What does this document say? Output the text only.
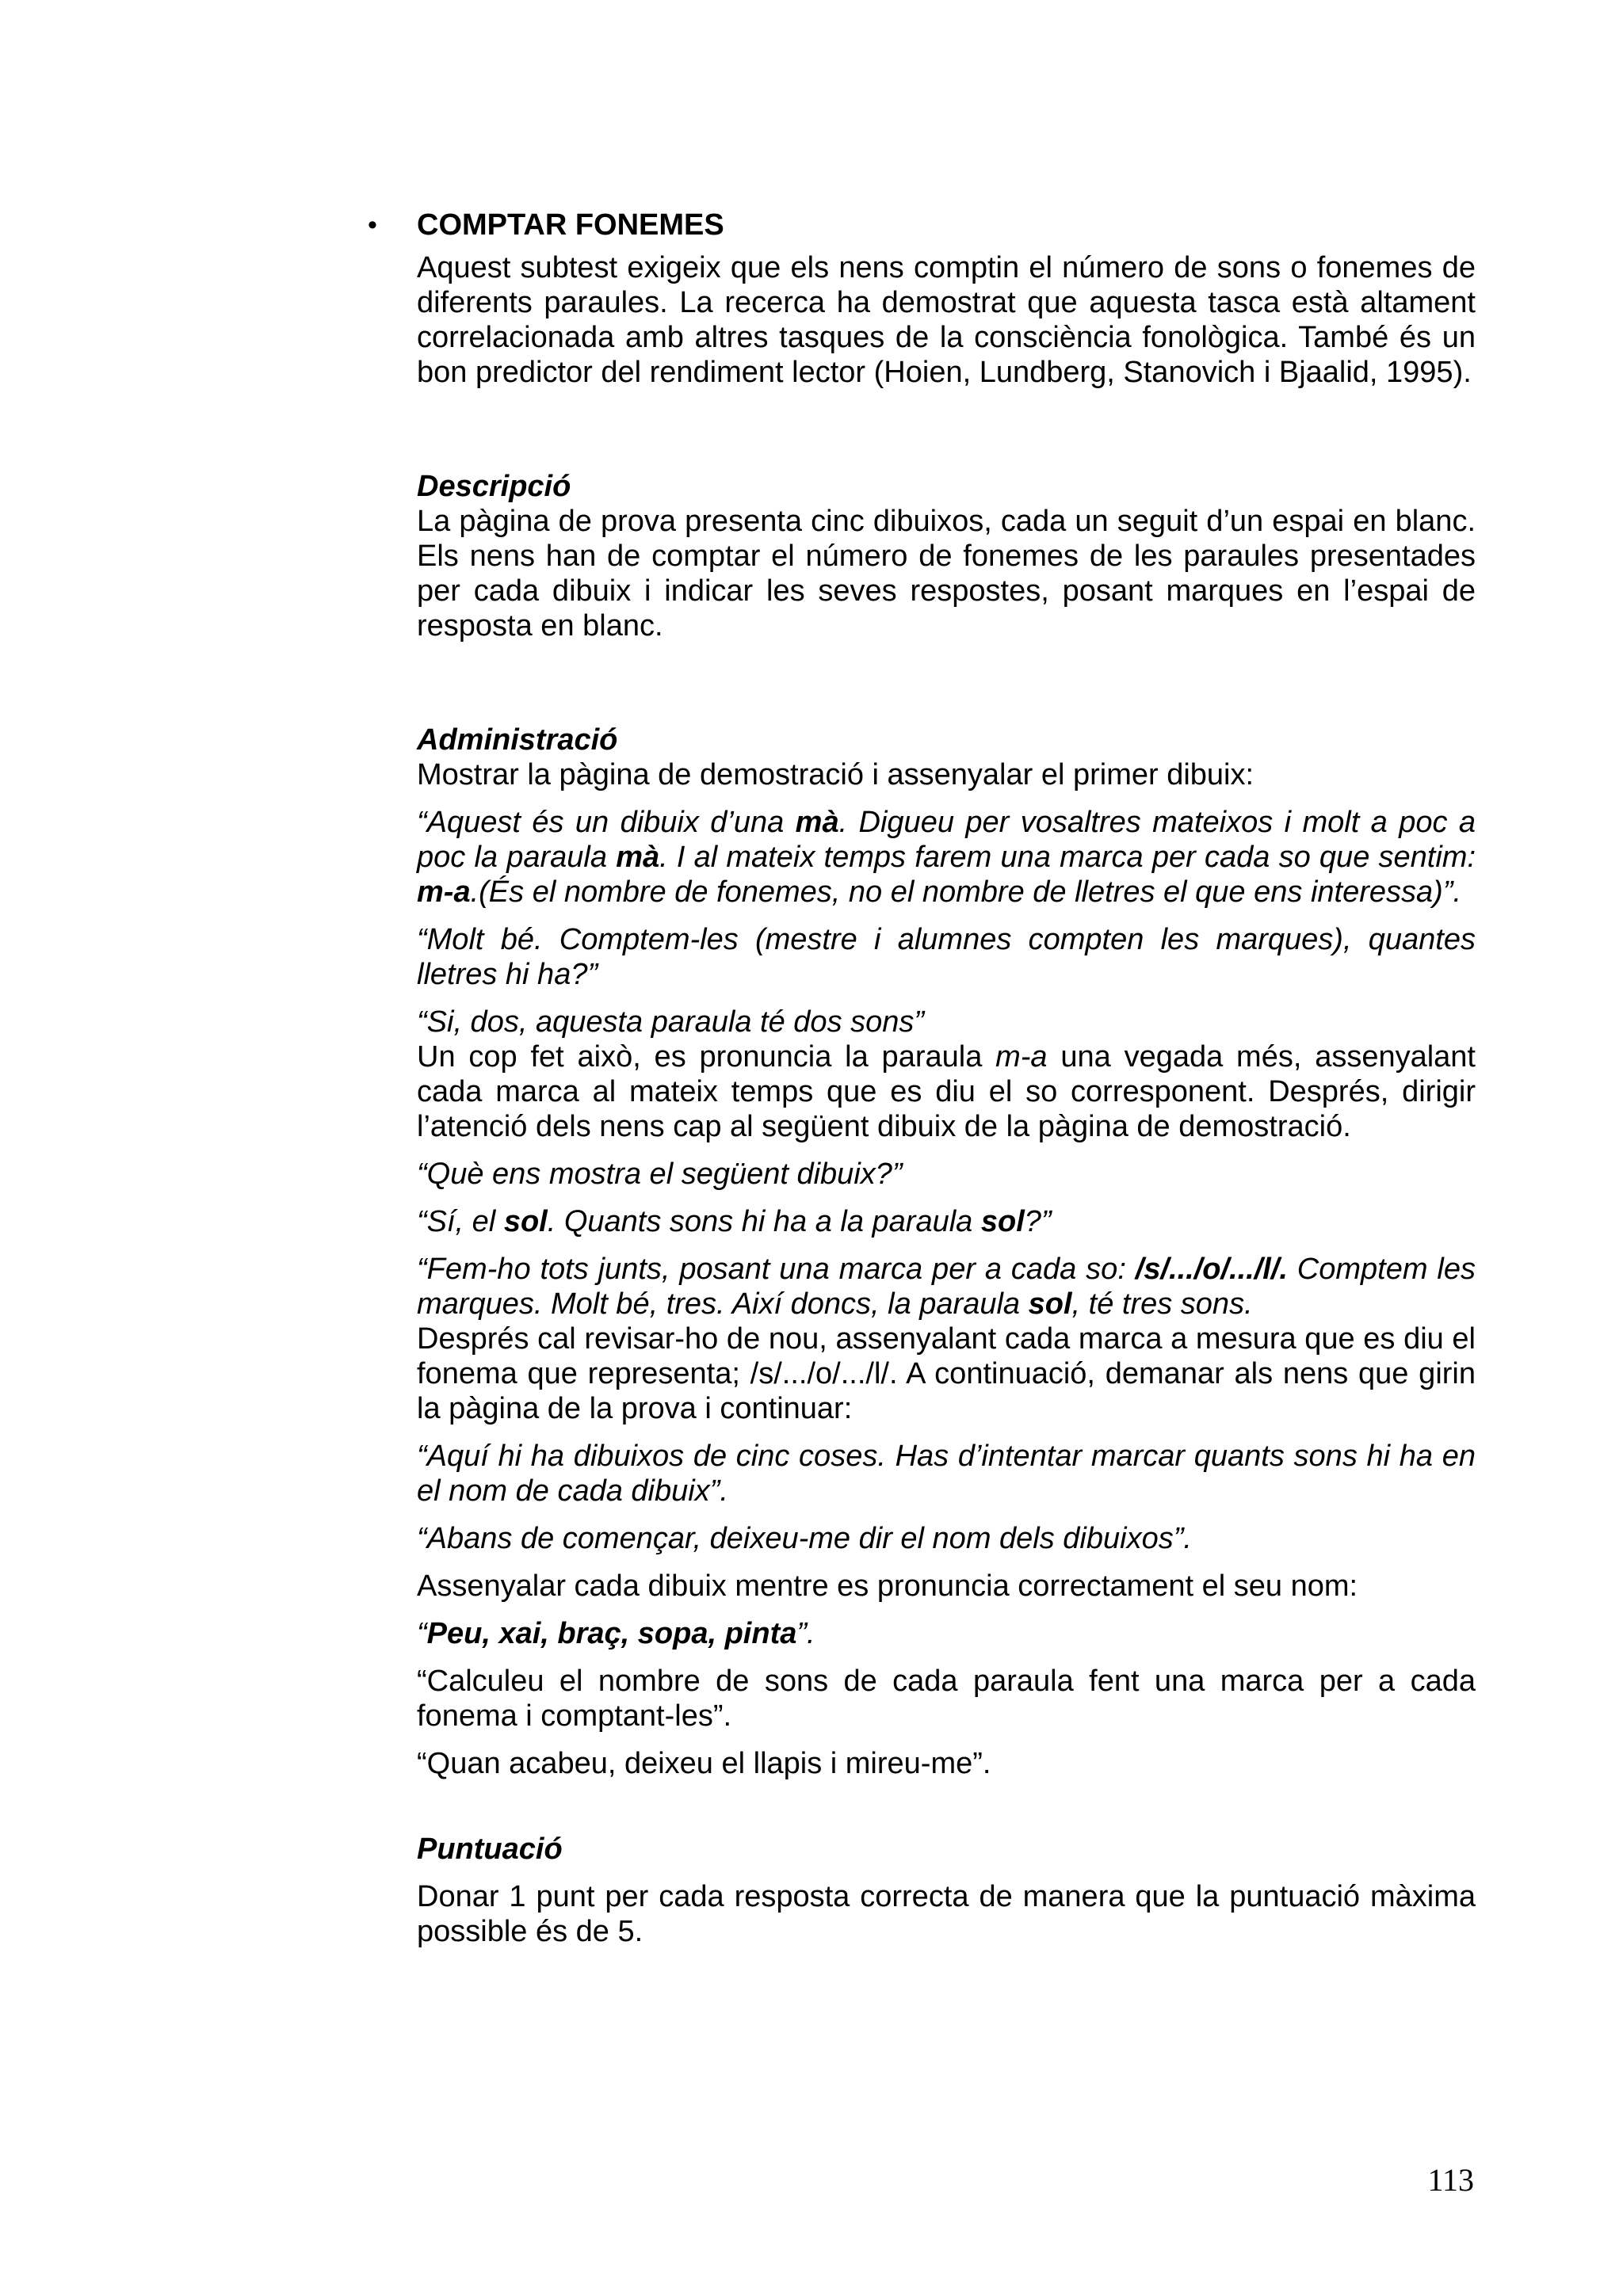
• COMPTAR FONEMES

Aquest subtest exigeix que els nens comptin el número de sons o fonemes de diferents paraules. La recerca ha demostrat que aquesta tasca està altament correlacionada amb altres tasques de la consciència fonològica. També és un bon predictor del rendiment lector (Hoien, Lundberg, Stanovich i Bjaalid, 1995).

Descripció

La pàgina de prova presenta cinc dibuixos, cada un seguit d’un espai en blanc. Els nens han de comptar el número de fonemes de les paraules presentades per cada dibuix i indicar les seves respostes, posant marques en l’espai de resposta en blanc.

Administració

Mostrar la pàgina de demostració i assenyalar el primer dibuix:

“Aquest és un dibuix d’una mà. Digueu per vosaltres mateixos i molt a poc a poc la paraula mà. I al mateix temps farem una marca per cada so que sentim: m-a.(És el nombre de fonemes, no el nombre de lletres el que ens interessa)”.

“Molt bé. Comptem-les (mestre i alumnes compten les marques), quantes lletres hi ha?”

“Si, dos, aquesta paraula té dos sons”

Un cop fet això, es pronuncia la paraula m-a una vegada més, assenyalant cada marca al mateix temps que es diu el so corresponent. Després, dirigir l’atenció dels nens cap al següent dibuix de la pàgina de demostració.

“Què ens mostra el següent dibuix?”

“Sí, el sol. Quants sons hi ha a la paraula sol?”

“Fem-ho tots junts, posant una marca per a cada so: /s/.../o/.../l/. Comptem les marques. Molt bé, tres. Així doncs, la paraula sol, té tres sons.

Després cal revisar-ho de nou, assenyalant cada marca a mesura que es diu el fonema que representa; /s/.../o/.../l/. A continuació, demanar als nens que girin la pàgina de la prova i continuar:

“Aquí hi ha dibuixos de cinc coses. Has d’intentar marcar quants sons hi ha en el nom de cada dibuix”.

“Abans de començar, deixeu-me dir el nom dels dibuixos”.

Assenyalar cada dibuix mentre es pronuncia correctament el seu nom:

“Peu, xai, braç, sopa, pinta”.

“Calculeu el nombre de sons de cada paraula fent una marca per a cada fonema i comptant-les”.

“Quan acabeu, deixeu el llapis i mireu-me”.

Puntuació

Donar 1 punt per cada resposta correcta de manera que la puntuació màxima possible és de 5.

113
